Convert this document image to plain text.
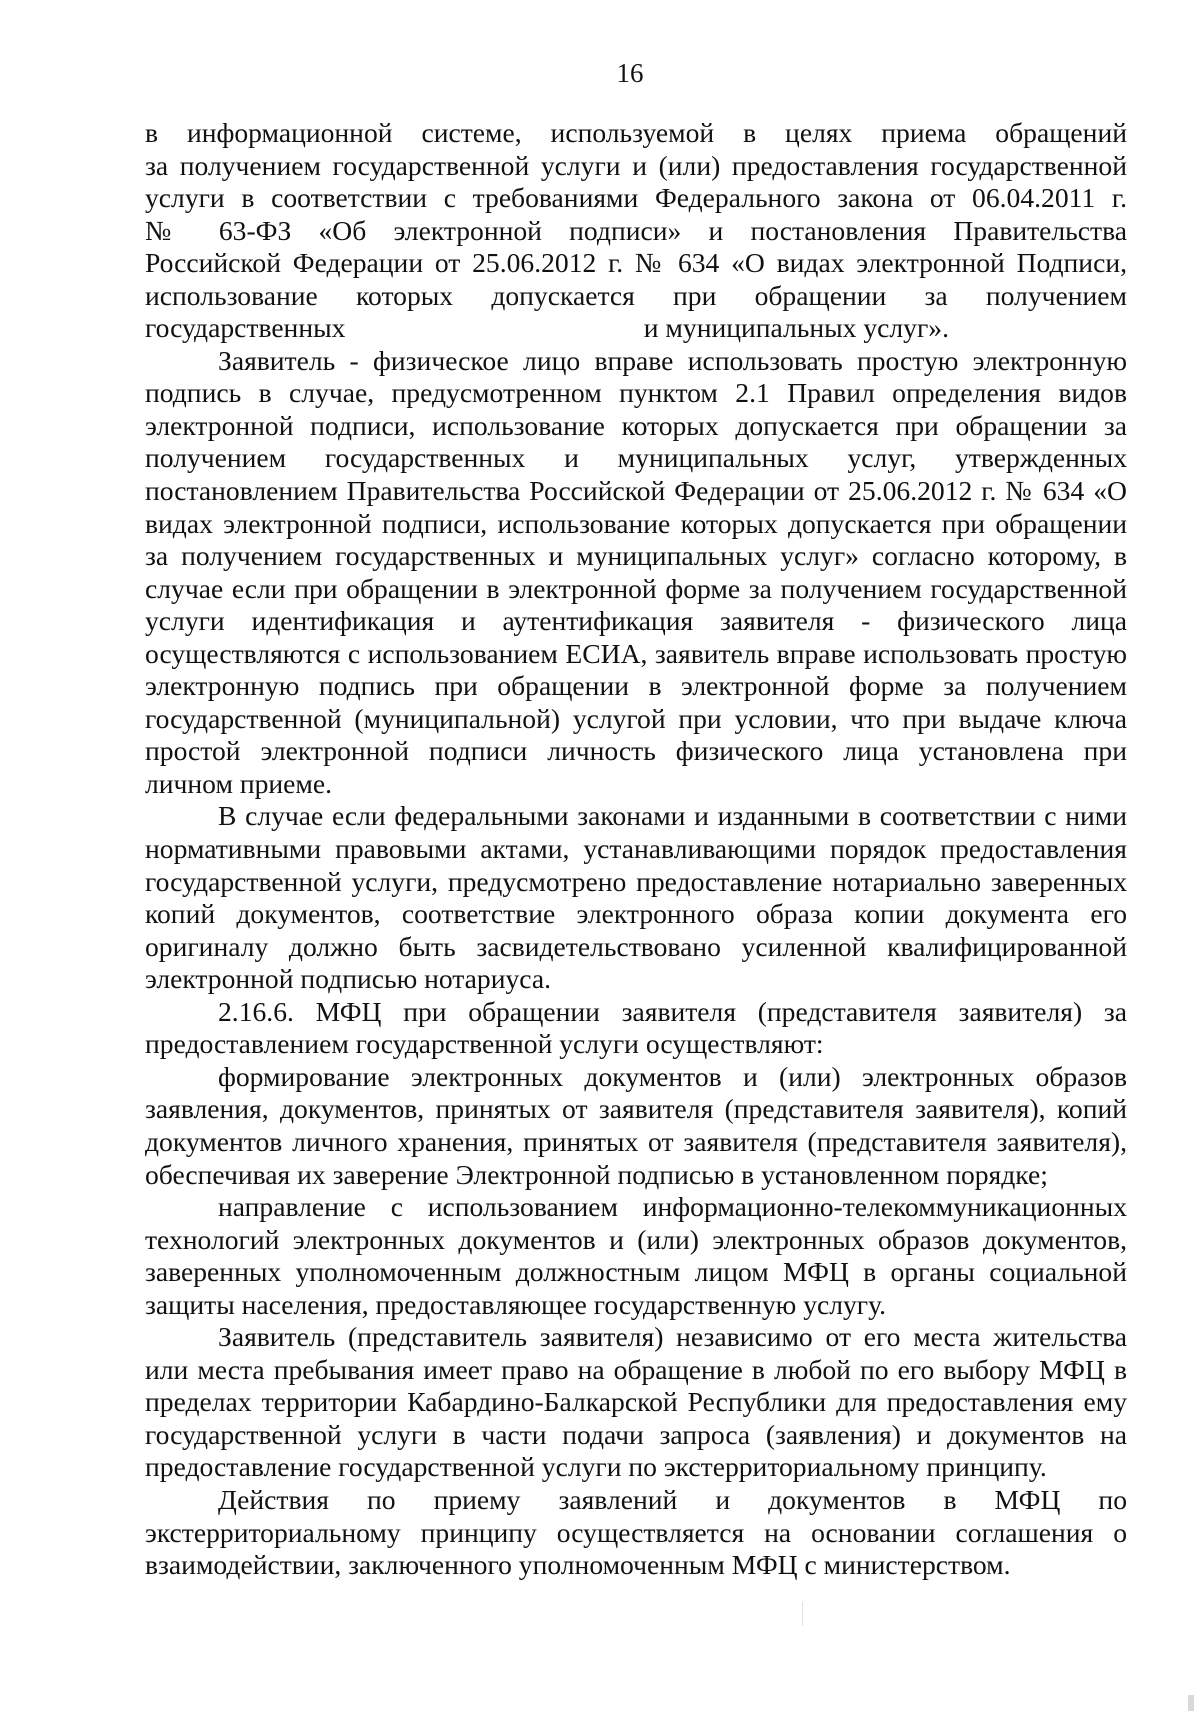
16
в информационной системе, используемой в целях приема обращений
за получением государственной услуги и (или) предоставления государственной
услуги в соответствии с требованиями Федерального закона от 06.04.2011 г.
№ 63-ФЗ «Об электронной подписи» и постановления Правительства
Российской Федерации от 25.06.2012 г. № 634 «О видах электронной Подписи,
использование которых допускается при обращении за получением
государственных	и муниципальных услуг».

Заявитель - физическое лицо вправе использовать простую электронную подпись в случае, предусмотренном пунктом 2.1 Правил определения видов электронной подписи, использование которых допускается при обращении за получением государственных и муниципальных услуг, утвержденных постановлением Правительства Российской Федерации от 25.06.2012 г. № 634 «О видах электронной подписи, использование которых допускается при обращении за получением государственных и муниципальных услуг» согласно которому, в случае если при обращении в электронной форме за получением государственной услуги идентификация и аутентификация заявителя - физического лица осуществляются с использованием ЕСИА, заявитель вправе использовать простую электронную подпись при обращении в электронной форме за получением государственной (муниципальной) услугой при условии, что при выдаче ключа простой электронной подписи личность физического лица установлена при личном приеме.

В случае если федеральными законами и изданными в соответствии с ними нормативными правовыми актами, устанавливающими порядок предоставления государственной услуги, предусмотрено предоставление нотариально заверенных копий документов, соответствие электронного образа копии документа его оригиналу должно быть засвидетельствовано усиленной квалифицированной электронной подписью нотариуса.

2.16.6. МФЦ при обращении заявителя (представителя заявителя) за предоставлением государственной услуги осуществляют:

формирование электронных документов и (или) электронных образов заявления, документов, принятых от заявителя (представителя заявителя), копий документов личного хранения, принятых от заявителя (представителя заявителя), обеспечивая их заверение Электронной подписью в установленном порядке;

направление с использованием информационно-телекоммуникационных технологий электронных документов и (или) электронных образов документов, заверенных уполномоченным должностным лицом МФЦ в органы социальной защиты населения, предоставляющее государственную услугу.

Заявитель (представитель заявителя) независимо от его места жительства или места пребывания имеет право на обращение в любой по его выбору МФЦ в пределах территории Кабардино-Балкарской Республики для предоставления ему государственной услуги в части подачи запроса (заявления) и документов на предоставление государственной услуги по экстерриториальному принципу.

Действия по приему заявлений и документов в МФЦ по экстерриториальному принципу осуществляется на основании соглашения о взаимодействии, заключенного уполномоченным МФЦ с министерством.
